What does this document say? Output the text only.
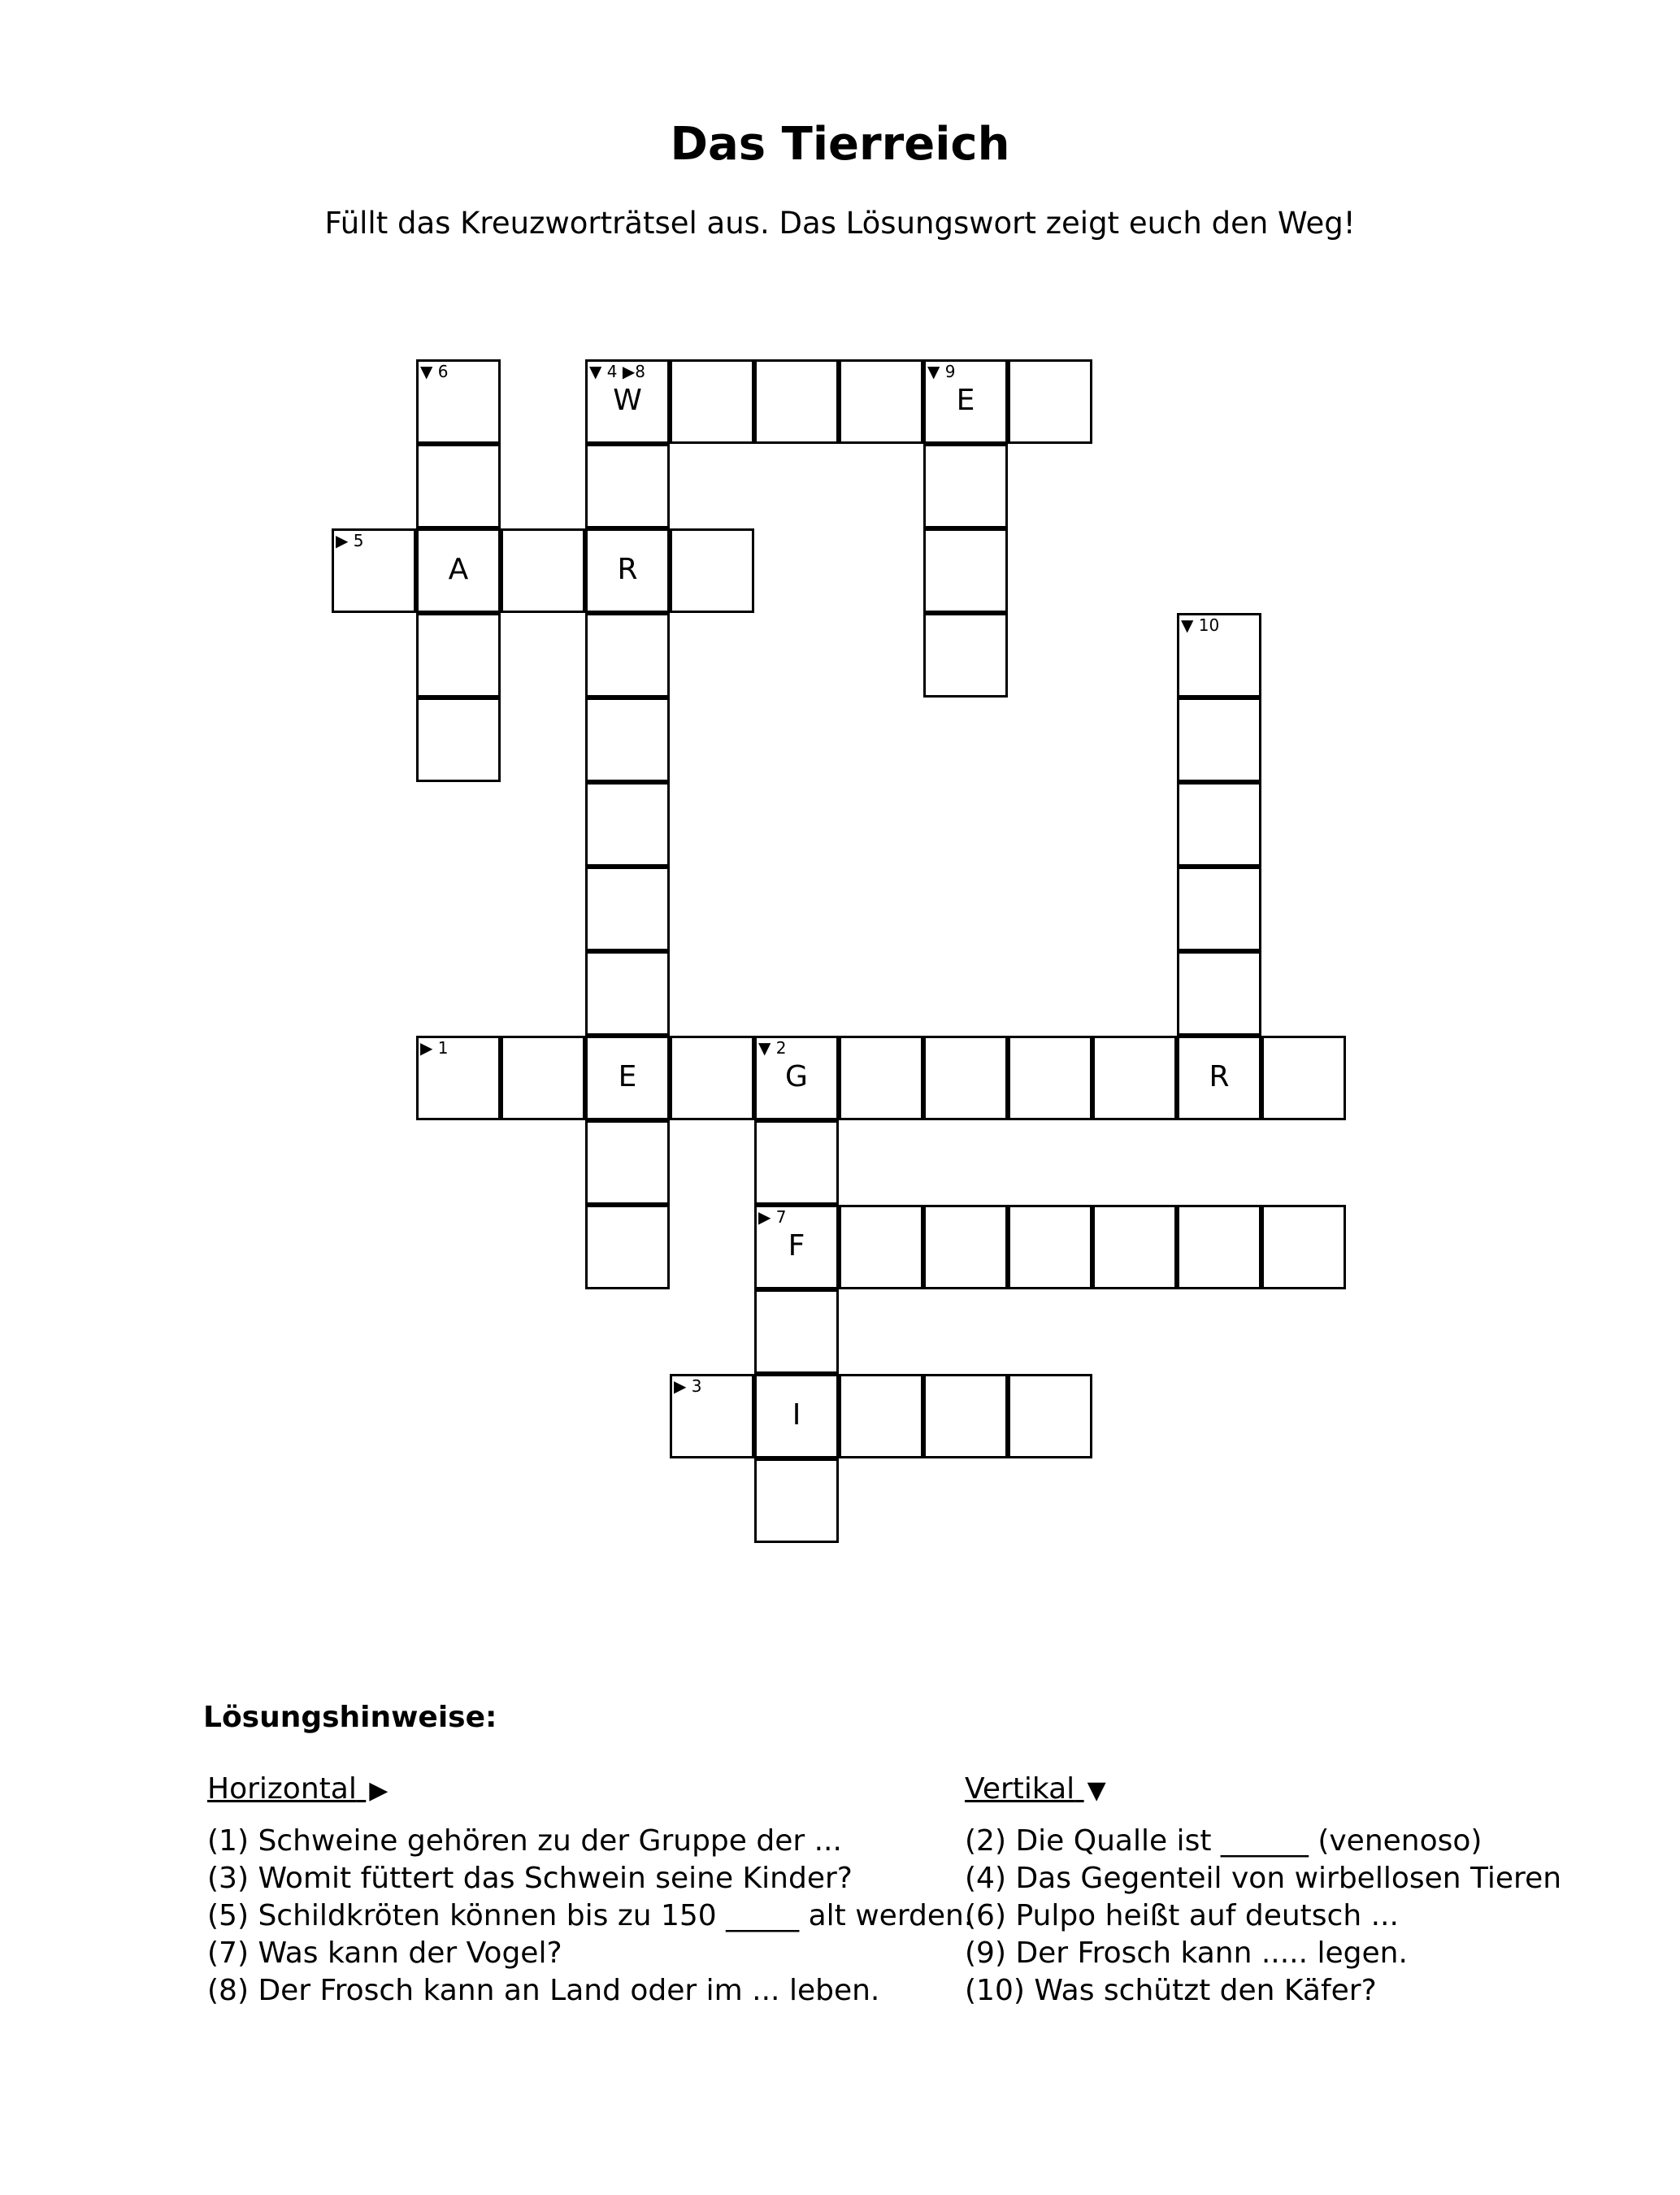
Das Tierreich
Füllt das Kreuzworträtsel aus. Das Lösungswort zeigt euch den Weg!
▼ 6	▼ 4 ▶8
W
▼ 9
E
▶ 5
A	R
▼ 10
▶ 1
E
▼ 2
G	R
▶ 7
F
▶ 3
I
Lösungshinweise:
Horizontal ▶
(1) Schweine gehören zu der Gruppe der ...
(3) Womit füttert das Schwein seine Kinder?
(5) Schildkröten können bis zu 150 _____ alt werden.
(7) Was kann der Vogel?
(8) Der Frosch kann an Land oder im ... leben.
Vertikal ▼
(2) Die Qualle ist ______ (venenoso)
(4) Das Gegenteil von wirbellosen Tieren
(6) Pulpo heißt auf deutsch ...
(9) Der Frosch kann ..... legen.
(10) Was schützt den Käfer?
